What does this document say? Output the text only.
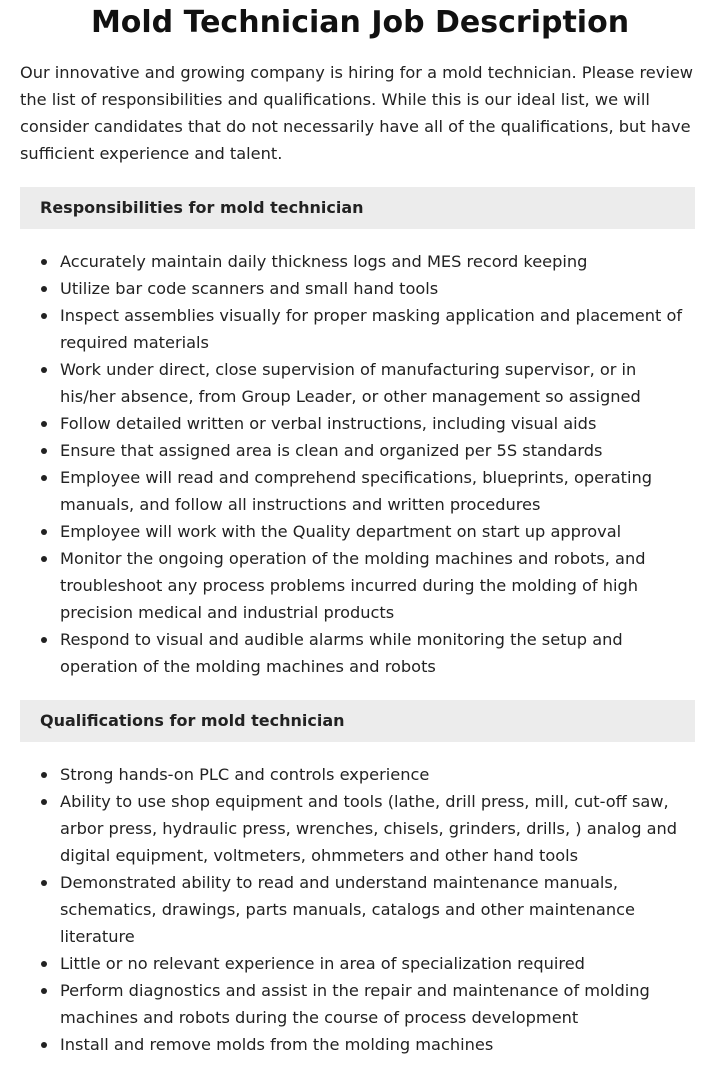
Mold Technician Job Description

Our innovative and growing company is hiring for a mold technician. Please review the list of responsibilities and qualifications. While this is our ideal list, we will consider candidates that do not necessarily have all of the qualifications, but have sufficient experience and talent.

Responsibilities for mold technician
Accurately maintain daily thickness logs and MES record keeping
Utilize bar code scanners and small hand tools
Inspect assemblies visually for proper masking application and placement of required materials
Work under direct, close supervision of manufacturing supervisor, or in his/her absence, from Group Leader, or other management so assigned
Follow detailed written or verbal instructions, including visual aids
Ensure that assigned area is clean and organized per 5S standards
Employee will read and comprehend specifications, blueprints, operating manuals, and follow all instructions and written procedures
Employee will work with the Quality department on start up approval
Monitor the ongoing operation of the molding machines and robots, and troubleshoot any process problems incurred during the molding of high precision medical and industrial products
Respond to visual and audible alarms while monitoring the setup and operation of the molding machines and robots
Qualifications for mold technician
Strong hands-on PLC and controls experience
Ability to use shop equipment and tools (lathe, drill press, mill, cut-off saw, arbor press, hydraulic press, wrenches, chisels, grinders, drills, ) analog and digital equipment, voltmeters, ohmmeters and other hand tools
Demonstrated ability to read and understand maintenance manuals, schematics, drawings, parts manuals, catalogs and other maintenance literature
Little or no relevant experience in area of specialization required
Perform diagnostics and assist in the repair and maintenance of molding machines and robots during the course of process development
Install and remove molds from the molding machines
